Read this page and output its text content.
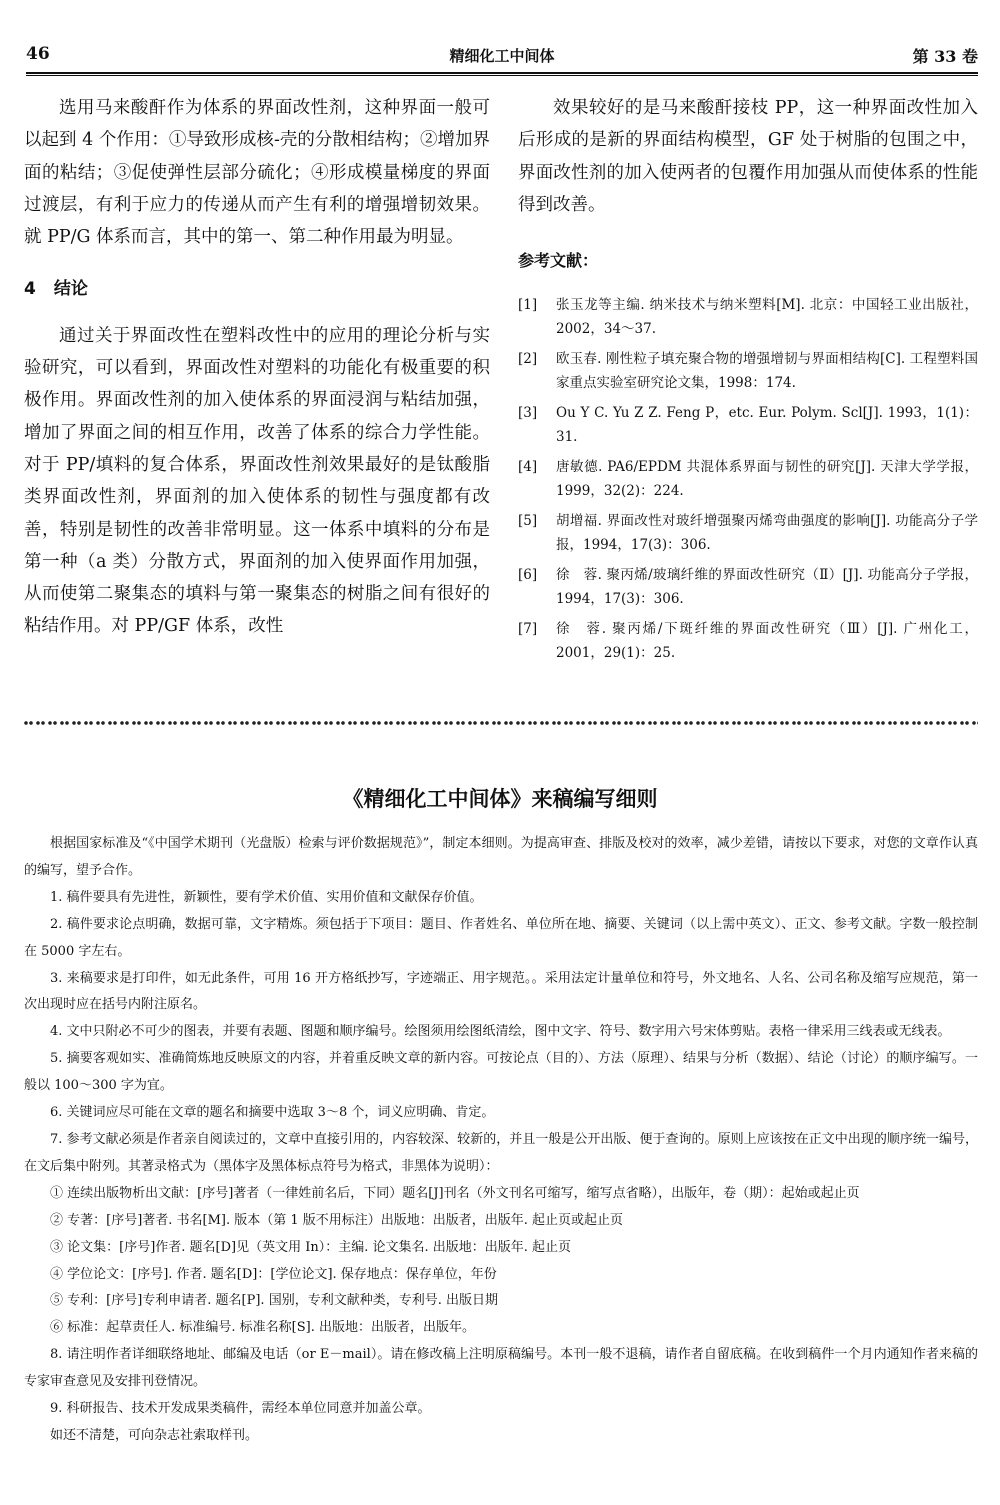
46	精细化工中间体	第 33 卷

选用马来酸酐作为体系的界面改性剂，这种界面一般可以起到 4 个作用：①导致形成核-壳的分散相结构；②增加界面的粘结；③促使弹性层部分硫化；④形成模量梯度的界面过渡层，有利于应力的传递从而产生有利的增强增韧效果。就 PP/G 体系而言，其中的第一、第二种作用最为明显。

4 结论

通过关于界面改性在塑料改性中的应用的理论分析与实验研究，可以看到，界面改性对塑料的功能化有极重要的积极作用。界面改性剂的加入使体系的界面浸润与粘结加强，增加了界面之间的相互作用，改善了体系的综合力学性能。对于 PP/填料的复合体系，界面改性剂效果最好的是钛酸脂类界面改性剂，界面剂的加入使体系的韧性与强度都有改善，特别是韧性的改善非常明显。这一体系中填料的分布是第一种（a 类）分散方式，界面剂的加入使界面作用加强，从而使第二聚集态的填料与第一聚集态的树脂之间有很好的粘结作用。对 PP/GF 体系，改性

效果较好的是马来酸酐接枝 PP，这一种界面改性加入后形成的是新的界面结构模型，GF 处于树脂的包围之中，界面改性剂的加入使两者的包覆作用加强从而使体系的性能得到改善。

参考文献：
[1]	张玉龙等主编. 纳米技术与纳米塑料[M]. 北京：中国轻工业出版社，2002，34～37.
[2]	欧玉春. 刚性粒子填充聚合物的增强增韧与界面相结构[C]. 工程塑料国家重点实验室研究论文集，1998：174.
[3]	Ou Y C. Yu Z Z. Feng P，etc. Eur. Polym. Scl[J]. 1993，1(1)：31.
[4]	唐敏德. PA6/EPDM 共混体系界面与韧性的研究[J]. 天津大学学报，1999，32(2)：224.
[5]	胡增福. 界面改性对玻纤增强聚丙烯弯曲强度的影响[J]. 功能高分子学报，1994，17(3)：306.
[6]	徐　蓉. 聚丙烯/玻璃纤维的界面改性研究（Ⅱ）[J]. 功能高分子学报，1994，17(3)：306.
[7]	徐　蓉. 聚丙烯/下斑纤维的界面改性研究（Ⅲ）[J]. 广州化工，2001，29(1)：25.
《精细化工中间体》来稿编写细则

根据国家标准及“《中国学术期刊（光盘版）检索与评价数据规范》”，制定本细则。为提高审查、排版及校对的效率，减少差错，请按以下要求，对您的文章作认真的编写，望予合作。

1. 稿件要具有先进性，新颖性，要有学术价值、实用价值和文献保存价值。

2. 稿件要求论点明确，数据可靠，文字精炼。须包括于下项目：题目、作者姓名、单位所在地、摘要、关键词（以上需中英文）、正文、参考文献。字数一般控制在 5000 字左右。

3. 来稿要求是打印件，如无此条件，可用 16 开方格纸抄写，字迹端正、用字规范。。采用法定计量单位和符号，外文地名、人名、公司名称及缩写应规范，第一次出现时应在括号内附注原名。

4. 文中只附必不可少的图表，并要有表题、图题和顺序编号。绘图须用绘图纸清绘，图中文字、符号、数字用六号宋体剪贴。表格一律采用三线表或无线表。

5. 摘要客观如实、准确简炼地反映原文的内容，并着重反映文章的新内容。可按论点（目的）、方法（原理）、结果与分析（数据）、结论（讨论）的顺序编写。一般以 100～300 字为宜。

6. 关键词应尽可能在文章的题名和摘要中选取 3～8 个，词义应明确、肯定。

7. 参考文献必须是作者亲自阅读过的，文章中直接引用的，内容较深、较新的，并且一般是公开出版、便于查询的。原则上应该按在正文中出现的顺序统一编号，在文后集中附列。其著录格式为（黑体字及黑体标点符号为格式，非黑体为说明）：

① 连续出版物析出文献：[序号]著者（一律姓前名后，下同）题名[J]刊名（外文刊名可缩写，缩写点省略），出版年，卷（期）：起始或起止页

② 专著：[序号]著者. 书名[M]. 版本（第 1 版不用标注）出版地：出版者，出版年. 起止页或起止页

③ 论文集：[序号]作者. 题名[D]见（英文用 In）：主编. 论文集名. 出版地：出版年. 起止页

④ 学位论文：[序号]. 作者. 题名[D]：[学位论文]. 保存地点：保存单位，年份

⑤ 专利：[序号]专利申请者. 题名[P]. 国别，专利文献种类，专利号. 出版日期

⑥ 标准：起草责任人. 标准编号. 标准名称[S]. 出版地：出版者，出版年。

8. 请注明作者详细联络地址、邮编及电话（or E－mail）。请在修改稿上注明原稿编号。本刊一般不退稿，请作者自留底稿。在收到稿件一个月内通知作者来稿的专家审查意见及安排刊登情况。

9. 科研报告、技术开发成果类稿件，需经本单位同意并加盖公章。

如还不清楚，可向杂志社索取样刊。
